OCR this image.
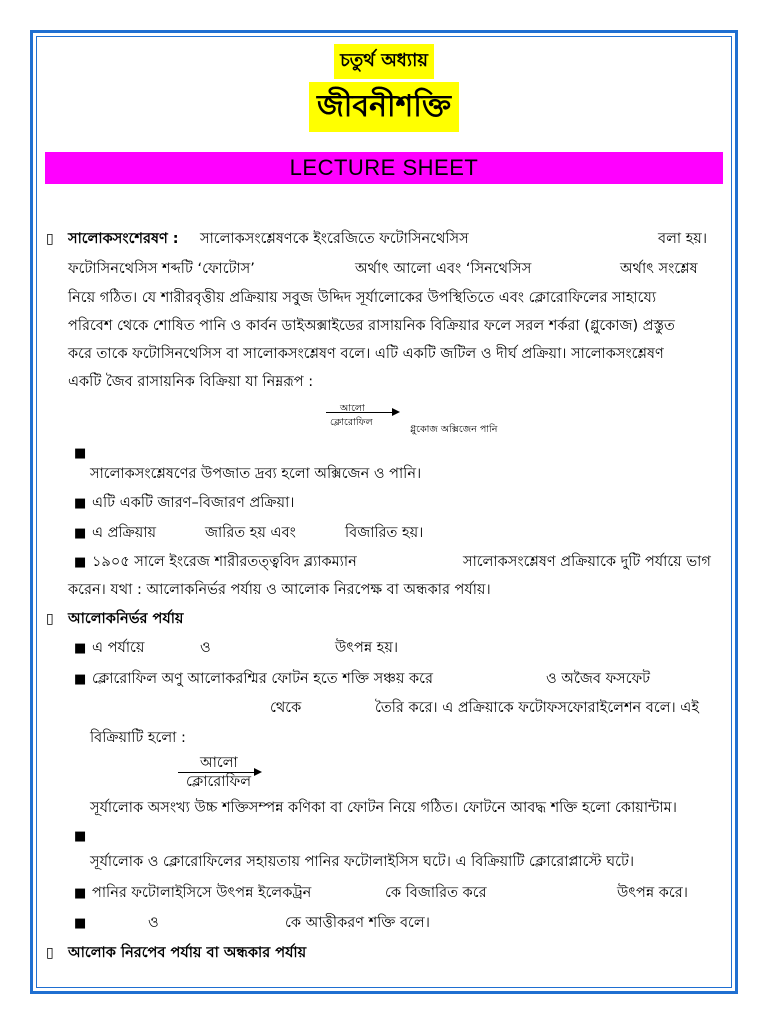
চতুর্থ অধ্যায়
জীবনীশক্তি
LECTURE SHEET
▯ সালোকসংশেরষণ : সালোকসংশ্লেষণকে ইংরেজিতে ফটোসিনথেসিস	বলা হয়।
ফটোসিনথেসিস শব্দটি ‘ফোটোস’	অর্থাৎ আলো এবং ‘সিনথেসিস	অর্থাৎ সংশ্লেষ
নিয়ে গঠিত। যে শারীরবৃত্তীয় প্রক্রিয়ায় সবুজ উদ্দিদ সূর্যালোকের উপস্থিতিতে এবং ক্লোরোফিলের সাহায্যে
পরিবেশ থেকে শোষিত পানি ও কার্বন ডাইঅক্সাইডের রাসায়নিক বিক্রিয়ার ফলে সরল শর্করা (গ্লুকোজ) প্রস্তুত
করে তাকে ফটোসিনথেসিস বা সালোকসংশ্লেষণ বলে। এটি একটি জটিল ও দীর্ঘ প্রক্রিয়া। সালোকসংশ্লেষণ
একটি জৈব রাসায়নিক বিক্রিয়া যা নিম্নরূপ :
আলো
ক্লোরোফিল
গ্লুকোজ অক্সিজেন পানি
■
সালোকসংশ্লেষণের উপজাত দ্রব্য হলো অক্সিজেন ও পানি।
■ এটি একটি জারণ–বিজারণ প্রক্রিয়া।
■ এ প্রক্রিয়ায়	জারিত হয় এবং	বিজারিত হয়।
■ ১৯০৫ সালে ইংরেজ শারীরতত্ত্ববিদ ব্ল্যাকম্যান	সালোকসংশ্লেষণ প্রক্রিয়াকে দুটি পর্যায়ে ভাগ
করেন। যথা : আলোকনির্ভর পর্যায় ও আলোক নিরপেক্ষ বা অন্ধকার পর্যায়।
▯ আলোকনির্ভর পর্যায়
■ এ পর্যায়ে	ও	উৎপন্ন হয়।
■ ক্লোরোফিল অণু আলোকরশ্মির ফোটন হতে শক্তি সঞ্চয় করে	ও অজৈব ফসফেট
থেকে	তৈরি করে। এ প্রক্রিয়াকে ফটোফসফোরাইলেশন বলে। এই
বিক্রিয়াটি হলো :
আলো
ক্লোরোফিল
সূর্যালোক অসংখ্য উচ্চ শক্তিসম্পন্ন কণিকা বা ফোটন নিয়ে গঠিত। ফোটনে আবদ্ধ শক্তি হলো কোয়ান্টাম।
■
সূর্যালোক ও ক্লোরোফিলের সহায়তায় পানির ফটোলাইসিস ঘটে। এ বিক্রিয়াটি ক্লোরোপ্লাস্টে ঘটে।
■ পানির ফটোলাইসিসে উৎপন্ন ইলেকট্রন	কে বিজারিত করে	উৎপন্ন করে।
■	ও	কে আত্তীকরণ শক্তি বলে।
▯ আলোক নিরপেব পর্যায় বা অন্ধকার পর্যায়
